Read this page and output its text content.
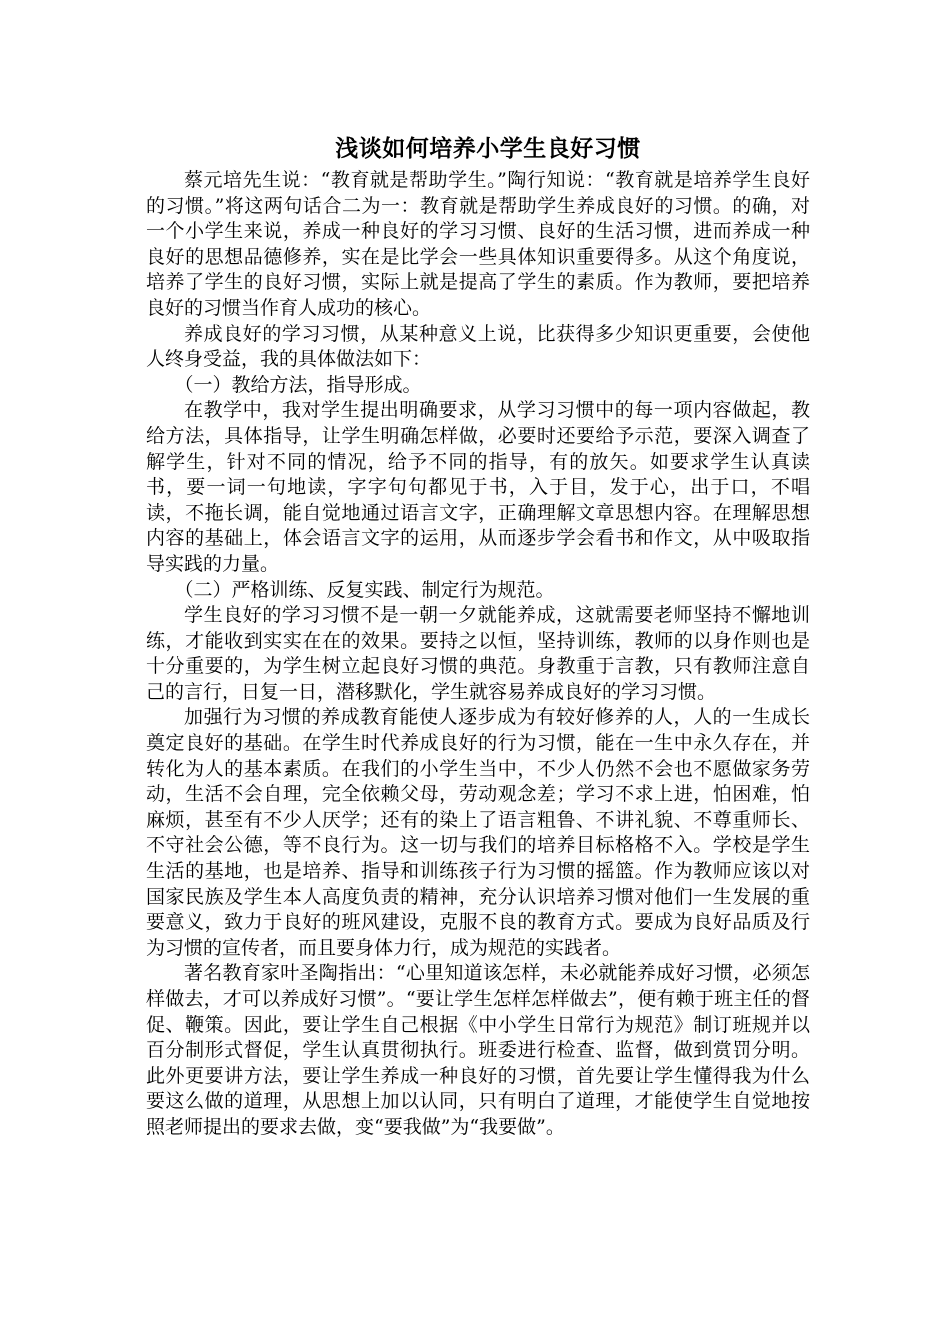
浅谈如何培养小学生良好习惯

蔡元培先生说：“教育就是帮助学生。”陶行知说：“教育就是培养学生良好的习惯。”将这两句话合二为一：教育就是帮助学生养成良好的习惯。的确，对一个小学生来说，养成一种良好的学习习惯、良好的生活习惯，进而养成一种良好的思想品德修养，实在是比学会一些具体知识重要得多。从这个角度说，培养了学生的良好习惯，实际上就是提高了学生的素质。作为教师，要把培养良好的习惯当作育人成功的核心。

养成良好的学习习惯，从某种意义上说，比获得多少知识更重要，会使他人终身受益，我的具体做法如下：

（一）教给方法，指导形成。

在教学中，我对学生提出明确要求，从学习习惯中的每一项内容做起，教给方法，具体指导，让学生明确怎样做，必要时还要给予示范，要深入调查了解学生，针对不同的情况，给予不同的指导，有的放矢。如要求学生认真读书，要一词一句地读，字字句句都见于书，入于目，发于心，出于口，不唱读，不拖长调，能自觉地通过语言文字，正确理解文章思想内容。在理解思想内容的基础上，体会语言文字的运用，从而逐步学会看书和作文，从中吸取指导实践的力量。

（二）严格训练、反复实践、制定行为规范。

学生良好的学习习惯不是一朝一夕就能养成，这就需要老师坚持不懈地训练，才能收到实实在在的效果。要持之以恒，坚持训练，教师的以身作则也是十分重要的，为学生树立起良好习惯的典范。身教重于言教，只有教师注意自己的言行，日复一日，潜移默化，学生就容易养成良好的学习习惯。

加强行为习惯的养成教育能使人逐步成为有较好修养的人，人的一生成长奠定良好的基础。在学生时代养成良好的行为习惯，能在一生中永久存在，并转化为人的基本素质。在我们的小学生当中，不少人仍然不会也不愿做家务劳动，生活不会自理，完全依赖父母，劳动观念差；学习不求上进，怕困难，怕麻烦，甚至有不少人厌学；还有的染上了语言粗鲁、不讲礼貌、不尊重师长、不守社会公德，等不良行为。这一切与我们的培养目标格格不入。学校是学生生活的基地，也是培养、指导和训练孩子行为习惯的摇篮。作为教师应该以对国家民族及学生本人高度负责的精神，充分认识培养习惯对他们一生发展的重要意义，致力于良好的班风建设，克服不良的教育方式。要成为良好品质及行为习惯的宣传者，而且要身体力行，成为规范的实践者。

著名教育家叶圣陶指出：“心里知道该怎样，未必就能养成好习惯，必须怎样做去，才可以养成好习惯”。“要让学生怎样怎样做去”，便有赖于班主任的督促、鞭策。因此，要让学生自己根据《中小学生日常行为规范》制订班规并以百分制形式督促，学生认真贯彻执行。班委进行检查、监督，做到赏罚分明。此外更要讲方法，要让学生养成一种良好的习惯，首先要让学生懂得我为什么要这么做的道理，从思想上加以认同，只有明白了道理，才能使学生自觉地按照老师提出的要求去做，变“要我做”为“我要做”。
